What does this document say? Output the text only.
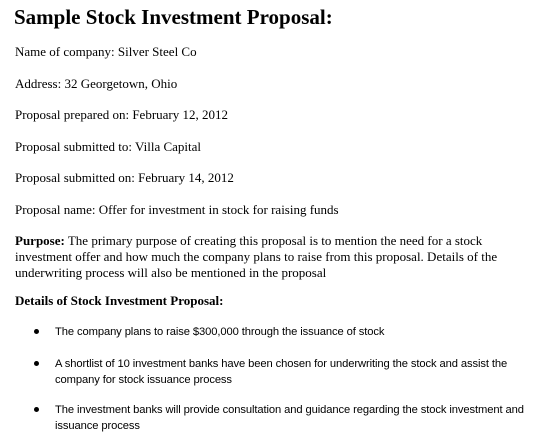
Sample Stock Investment Proposal:
Name of company: Silver Steel Co
Address: 32 Georgetown, Ohio
Proposal prepared on: February 12, 2012
Proposal submitted to: Villa Capital
Proposal submitted on: February 14, 2012
Proposal name: Offer for investment in stock for raising funds
Purpose: The primary purpose of creating this proposal is to mention the need for a stock investment offer and how much the company plans to raise from this proposal. Details of the underwriting process will also be mentioned in the proposal
Details of Stock Investment Proposal:
The company plans to raise $300,000 through the issuance of stock
A shortlist of 10 investment banks have been chosen for underwriting the stock and assist the company for stock issuance process
The investment banks will provide consultation and guidance regarding the stock investment and issuance process
